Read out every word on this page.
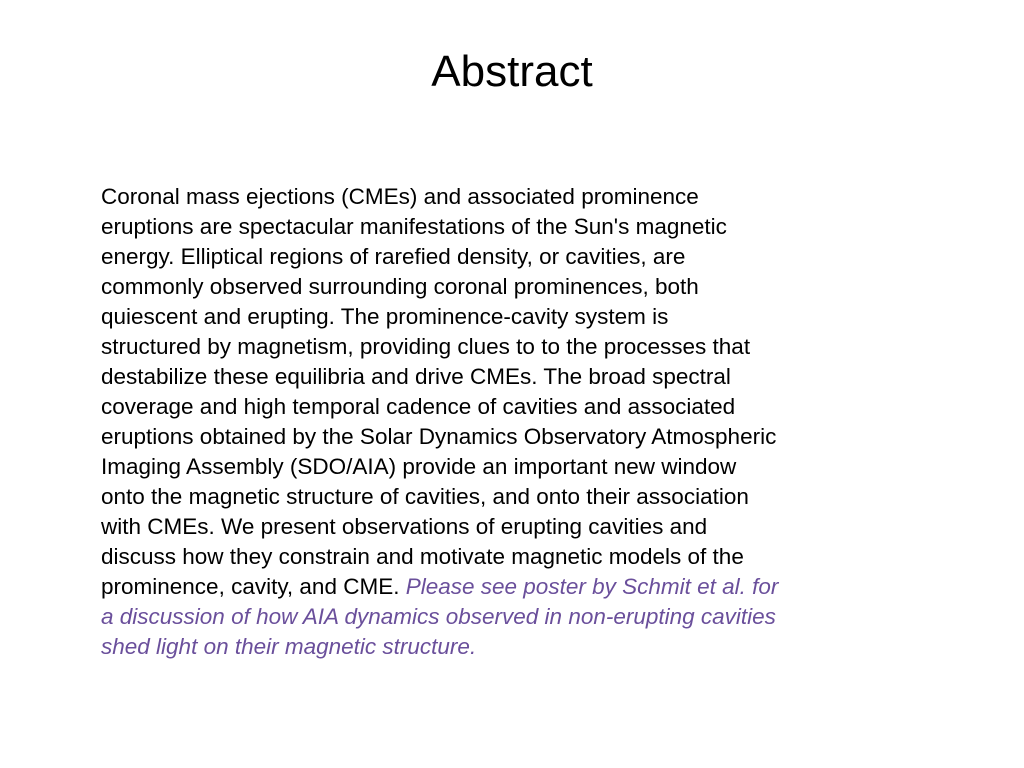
Abstract

Coronal mass ejections (CMEs) and associated prominence
eruptions are spectacular manifestations of the Sun's magnetic
energy. Elliptical regions of rarefied density, or cavities, are
commonly observed surrounding coronal prominences, both
quiescent and erupting. The prominence-cavity system is
structured by magnetism, providing clues to to the processes that
destabilize these equilibria and drive CMEs. The broad spectral
coverage and high temporal cadence of cavities and associated
eruptions obtained by the Solar Dynamics Observatory Atmospheric
Imaging Assembly (SDO/AIA) provide an important new window
onto the magnetic structure of cavities, and onto their association
with CMEs. We present observations of erupting cavities and
discuss how they constrain and motivate magnetic models of the
prominence, cavity, and CME. Please see poster by Schmit et al. for
a discussion of how AIA dynamics observed in non-erupting cavities
shed light on their magnetic structure.
